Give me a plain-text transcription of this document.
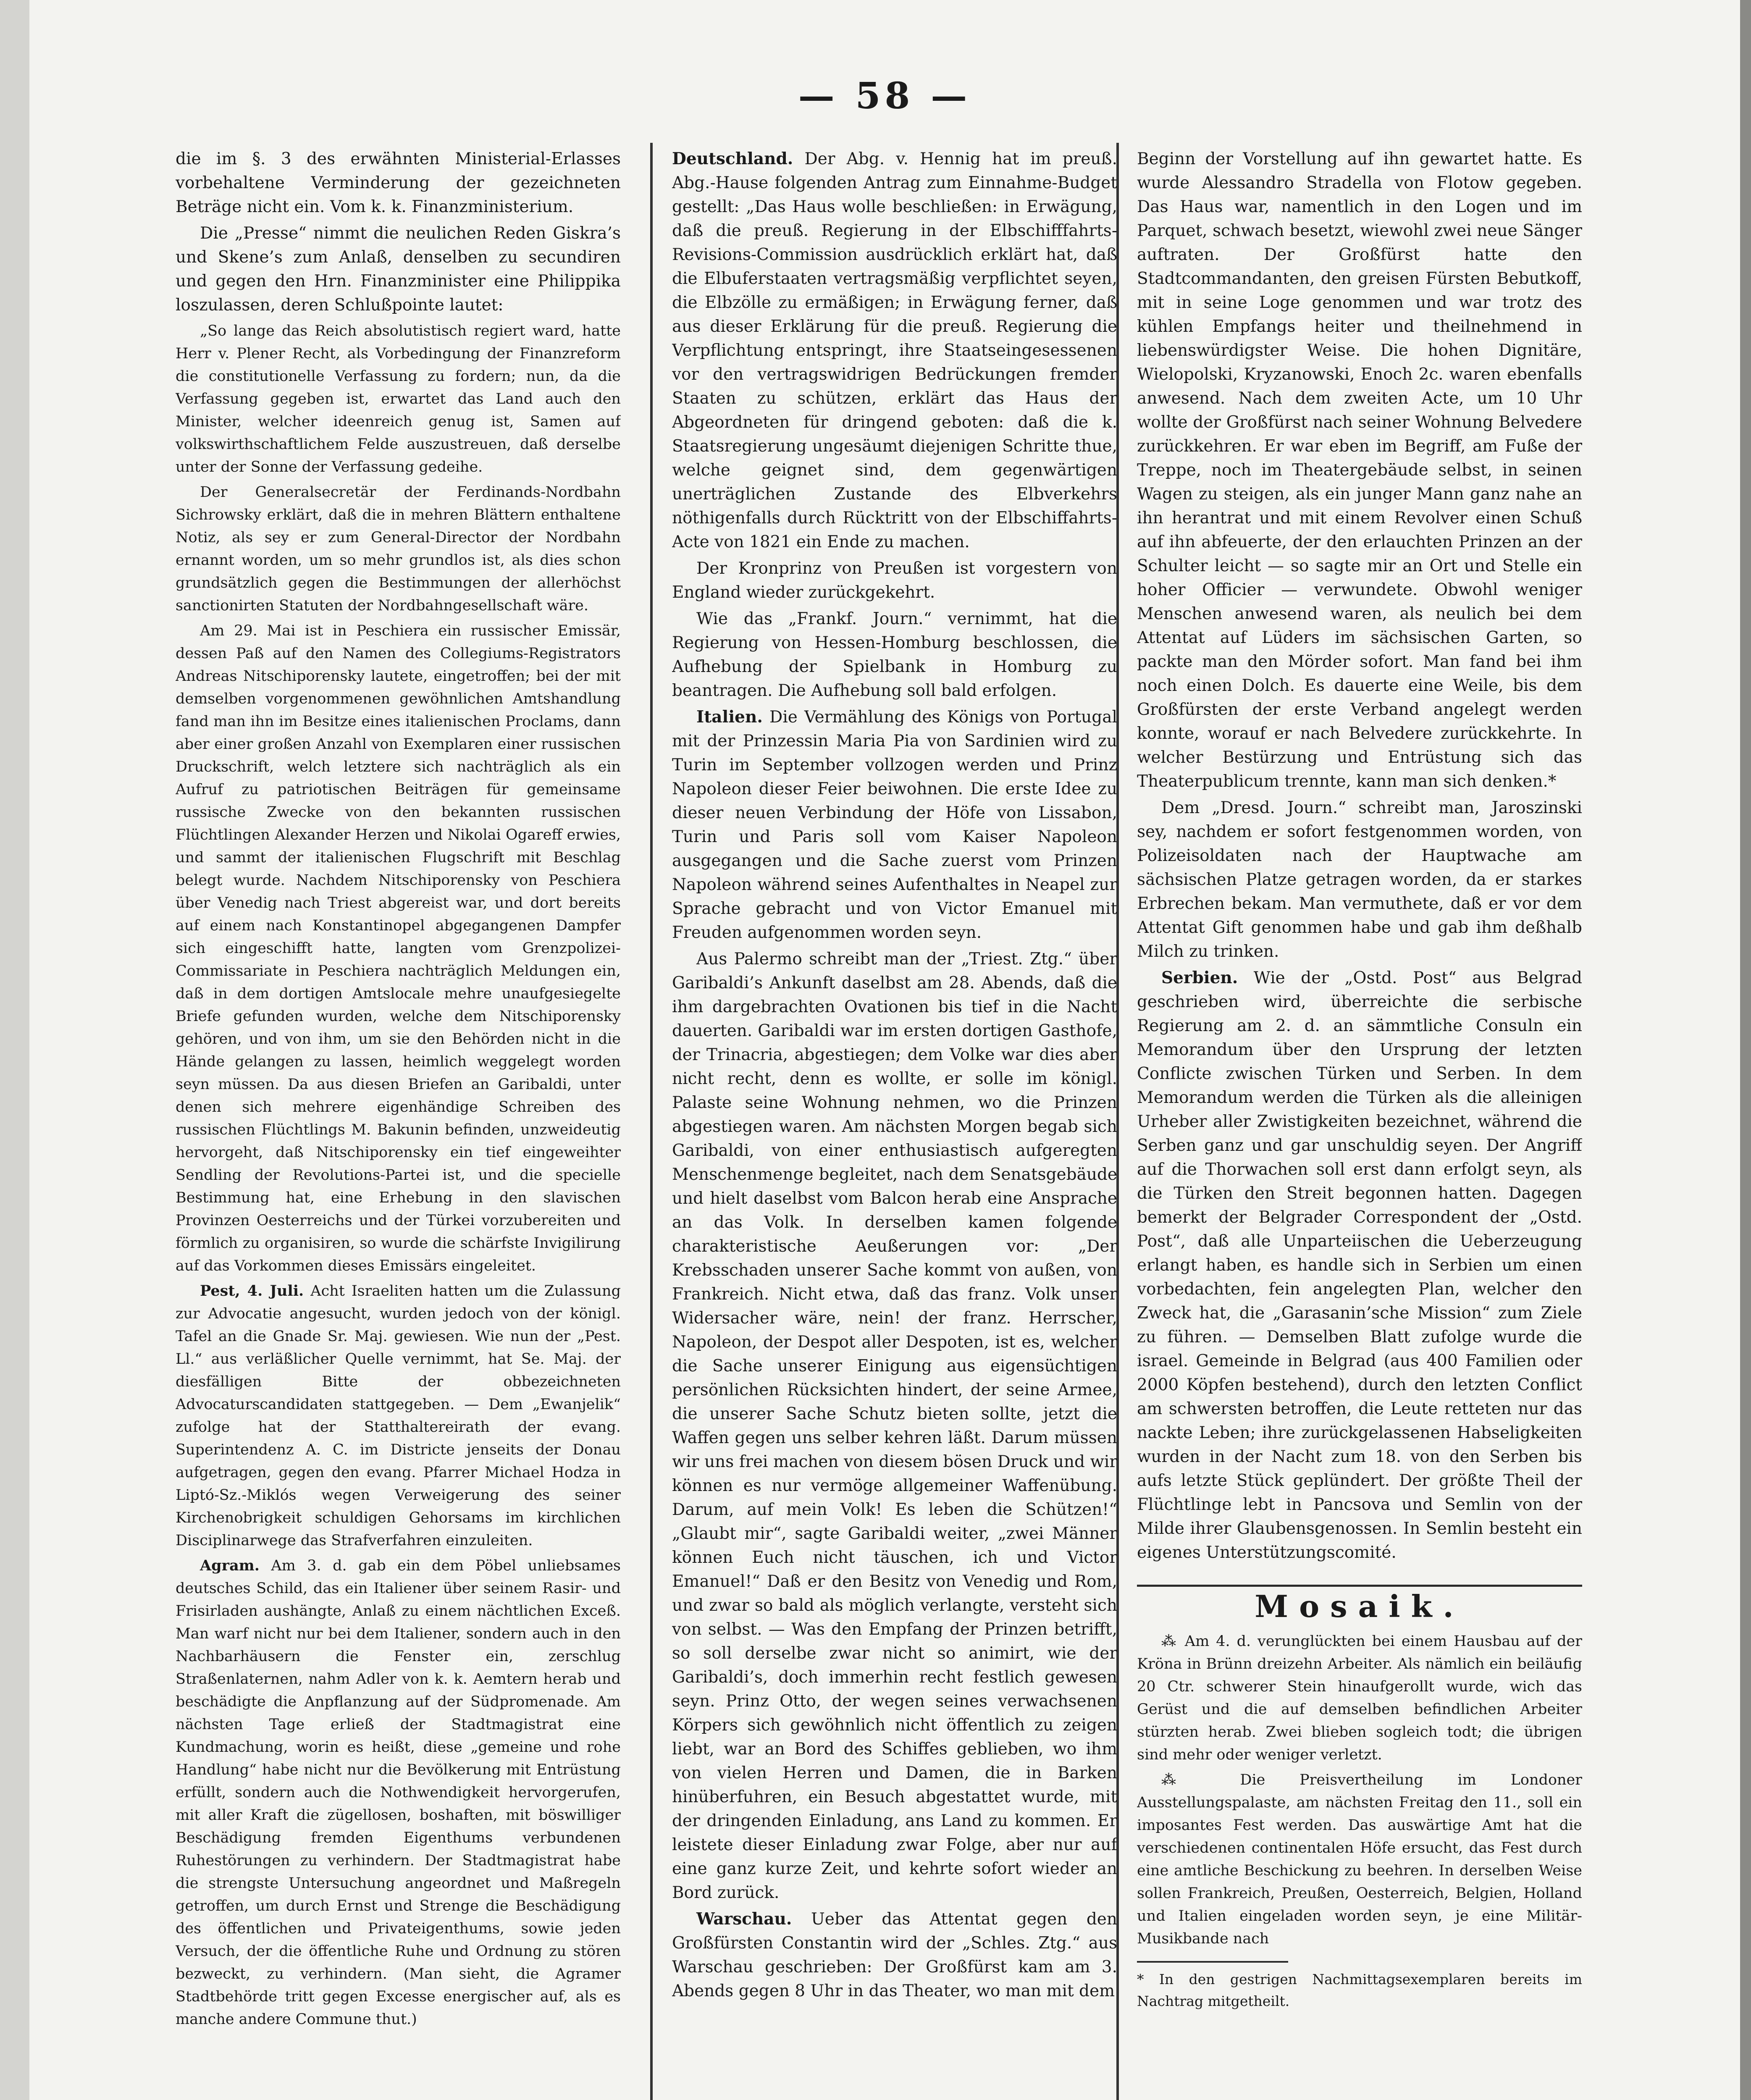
— 58 —

die im §. 3 des erwähnten Ministerial-Erlasses vorbehaltene Verminderung der gezeichneten Beträge nicht ein. Vom k. k. Finanzministerium.

Die „Presse“ nimmt die neulichen Reden Giskra’s und Skene’s zum Anlaß, denselben zu secundiren und gegen den Hrn. Finanzminister eine Philippika loszulassen, deren Schlußpointe lautet:

„So lange das Reich absolutistisch regiert ward, hatte Herr v. Plener Recht, als Vorbedingung der Finanzreform die constitutionelle Verfassung zu fordern; nun, da die Verfassung gegeben ist, erwartet das Land auch den Minister, welcher ideenreich genug ist, Samen auf volkswirthschaftlichem Felde auszustreuen, daß derselbe unter der Sonne der Verfassung gedeihe.

Der Generalsecretär der Ferdinands-Nordbahn Sichrowsky erklärt, daß die in mehren Blättern enthaltene Notiz, als sey er zum General-Director der Nordbahn ernannt worden, um so mehr grundlos ist, als dies schon grundsätzlich gegen die Bestimmungen der allerhöchst sanctionirten Statuten der Nordbahngesellschaft wäre.

Am 29. Mai ist in Peschiera ein russischer Emissär, dessen Paß auf den Namen des Collegiums-Registrators Andreas Nitschiporensky lautete, eingetroffen; bei der mit demselben vorgenommenen gewöhnlichen Amtshandlung fand man ihn im Besitze eines italienischen Proclams, dann aber einer großen Anzahl von Exemplaren einer russischen Druckschrift, welch letztere sich nachträglich als ein Aufruf zu patriotischen Beiträgen für gemeinsame russische Zwecke von den bekannten russischen Flüchtlingen Alexander Herzen und Nikolai Ogareff erwies, und sammt der italienischen Flugschrift mit Beschlag belegt wurde. Nachdem Nitschiporensky von Peschiera über Venedig nach Triest abgereist war, und dort bereits auf einem nach Konstantinopel abgegangenen Dampfer sich eingeschifft hatte, langten vom Grenzpolizei-Commissariate in Peschiera nachträglich Meldungen ein, daß in dem dortigen Amtslocale mehre unaufgesiegelte Briefe gefunden wurden, welche dem Nitschiporensky gehören, und von ihm, um sie den Behörden nicht in die Hände gelangen zu lassen, heimlich weggelegt worden seyn müssen. Da aus diesen Briefen an Garibaldi, unter denen sich mehrere eigenhändige Schreiben des russischen Flüchtlings M. Bakunin befinden, unzweideutig hervorgeht, daß Nitschiporensky ein tief eingeweihter Sendling der Revolutions-Partei ist, und die specielle Bestimmung hat, eine Erhebung in den slavischen Provinzen Oesterreichs und der Türkei vorzubereiten und förmlich zu organisiren, so wurde die schärfste Invigilirung auf das Vorkommen dieses Emissärs eingeleitet.

Pest, 4. Juli. Acht Israeliten hatten um die Zulassung zur Advocatie angesucht, wurden jedoch von der königl. Tafel an die Gnade Sr. Maj. gewiesen. Wie nun der „Pest. Ll.“ aus verläßlicher Quelle vernimmt, hat Se. Maj. der diesfälligen Bitte der obbezeichneten Advocaturscandidaten stattgegeben. — Dem „Ewanjelik“ zufolge hat der Statthaltereirath der evang. Superintendenz A. C. im Districte jenseits der Donau aufgetragen, gegen den evang. Pfarrer Michael Hodza in Liptó-Sz.-Miklós wegen Verweigerung des seiner Kirchenobrigkeit schuldigen Gehorsams im kirchlichen Disciplinarwege das Strafverfahren einzuleiten.

Agram. Am 3. d. gab ein dem Pöbel unliebsames deutsches Schild, das ein Italiener über seinem Rasir- und Frisirladen aushängte, Anlaß zu einem nächtlichen Exceß. Man warf nicht nur bei dem Italiener, sondern auch in den Nachbarhäusern die Fenster ein, zerschlug Straßenlaternen, nahm Adler von k. k. Aemtern herab und beschädigte die Anpflanzung auf der Südpromenade. Am nächsten Tage erließ der Stadtmagistrat eine Kundmachung, worin es heißt, diese „gemeine und rohe Handlung“ habe nicht nur die Bevölkerung mit Entrüstung erfüllt, sondern auch die Nothwendigkeit hervorgerufen, mit aller Kraft die zügellosen, boshaften, mit böswilliger Beschädigung fremden Eigenthums verbundenen Ruhestörungen zu verhindern. Der Stadtmagistrat habe die strengste Untersuchung angeordnet und Maßregeln getroffen, um durch Ernst und Strenge die Beschädigung des öffentlichen und Privateigenthums, sowie jeden Versuch, der die öffentliche Ruhe und Ordnung zu stören bezweckt, zu verhindern. (Man sieht, die Agramer Stadtbehörde tritt gegen Excesse energischer auf, als es manche andere Commune thut.)

Deutschland. Der Abg. v. Hennig hat im preuß. Abg.-Hause folgenden Antrag zum Einnahme-Budget gestellt: „Das Haus wolle beschließen: in Erwägung, daß die preuß. Regierung in der Elbschifffahrts-Revisions-Commission ausdrücklich erklärt hat, daß die Elbuferstaaten vertragsmäßig verpflichtet seyen, die Elbzölle zu ermäßigen; in Erwägung ferner, daß aus dieser Erklärung für die preuß. Regierung die Verpflichtung entspringt, ihre Staatseingesessenen vor den vertragswidrigen Bedrückungen fremder Staaten zu schützen, erklärt das Haus der Abgeordneten für dringend geboten: daß die k. Staatsregierung ungesäumt diejenigen Schritte thue, welche geignet sind, dem gegenwärtigen unerträglichen Zustande des Elbverkehrs nöthigenfalls durch Rücktritt von der Elbschiffahrts-Acte von 1821 ein Ende zu machen.

Der Kronprinz von Preußen ist vorgestern von England wieder zurückgekehrt.

Wie das „Frankf. Journ.“ vernimmt, hat die Regierung von Hessen-Homburg beschlossen, die Aufhebung der Spielbank in Homburg zu beantragen. Die Aufhebung soll bald erfolgen.

Italien. Die Vermählung des Königs von Portugal mit der Prinzessin Maria Pia von Sardinien wird zu Turin im September vollzogen werden und Prinz Napoleon dieser Feier beiwohnen. Die erste Idee zu dieser neuen Verbindung der Höfe von Lissabon, Turin und Paris soll vom Kaiser Napoleon ausgegangen und die Sache zuerst vom Prinzen Napoleon während seines Aufenthaltes in Neapel zur Sprache gebracht und von Victor Emanuel mit Freuden aufgenommen worden seyn.

Aus Palermo schreibt man der „Triest. Ztg.“ über Garibaldi’s Ankunft daselbst am 28. Abends, daß die ihm dargebrachten Ovationen bis tief in die Nacht dauerten. Garibaldi war im ersten dortigen Gasthofe, der Trinacria, abgestiegen; dem Volke war dies aber nicht recht, denn es wollte, er solle im königl. Palaste seine Wohnung nehmen, wo die Prinzen abgestiegen waren. Am nächsten Morgen begab sich Garibaldi, von einer enthusiastisch aufgeregten Menschenmenge begleitet, nach dem Senatsgebäude und hielt daselbst vom Balcon herab eine Ansprache an das Volk. In derselben kamen folgende charakteristische Aeußerungen vor: „Der Krebsschaden unserer Sache kommt von außen, von Frankreich. Nicht etwa, daß das franz. Volk unser Widersacher wäre, nein! der franz. Herrscher, Napoleon, der Despot aller Despoten, ist es, welcher die Sache unserer Einigung aus eigensüchtigen persönlichen Rücksichten hindert, der seine Armee, die unserer Sache Schutz bieten sollte, jetzt die Waffen gegen uns selber kehren läßt. Darum müssen wir uns frei machen von diesem bösen Druck und wir können es nur vermöge allgemeiner Waffenübung. Darum, auf mein Volk! Es leben die Schützen!“ „Glaubt mir“, sagte Garibaldi weiter, „zwei Männer können Euch nicht täuschen, ich und Victor Emanuel!“ Daß er den Besitz von Venedig und Rom, und zwar so bald als möglich verlangte, versteht sich von selbst. — Was den Empfang der Prinzen betrifft, so soll derselbe zwar nicht so animirt, wie der Garibaldi’s, doch immerhin recht festlich gewesen seyn. Prinz Otto, der wegen seines verwachsenen Körpers sich gewöhnlich nicht öffentlich zu zeigen liebt, war an Bord des Schiffes geblieben, wo ihm von vielen Herren und Damen, die in Barken hinüberfuhren, ein Besuch abgestattet wurde, mit der dringenden Einladung, ans Land zu kommen. Er leistete dieser Einladung zwar Folge, aber nur auf eine ganz kurze Zeit, und kehrte sofort wieder an Bord zurück.

Warschau. Ueber das Attentat gegen den Großfürsten Constantin wird der „Schles. Ztg.“ aus Warschau geschrieben: Der Großfürst kam am 3. Abends gegen 8 Uhr in das Theater, wo man mit dem

Beginn der Vorstellung auf ihn gewartet hatte. Es wurde Alessandro Stradella von Flotow gegeben. Das Haus war, namentlich in den Logen und im Parquet, schwach besetzt, wiewohl zwei neue Sänger auftraten. Der Großfürst hatte den Stadtcommandanten, den greisen Fürsten Bebutkoff, mit in seine Loge genommen und war trotz des kühlen Empfangs heiter und theilnehmend in liebenswürdigster Weise. Die hohen Dignitäre, Wielopolski, Kryzanowski, Enoch 2c. waren ebenfalls anwesend. Nach dem zweiten Acte, um 10 Uhr wollte der Großfürst nach seiner Wohnung Belvedere zurückkehren. Er war eben im Begriff, am Fuße der Treppe, noch im Theatergebäude selbst, in seinen Wagen zu steigen, als ein junger Mann ganz nahe an ihn herantrat und mit einem Revolver einen Schuß auf ihn abfeuerte, der den erlauchten Prinzen an der Schulter leicht — so sagte mir an Ort und Stelle ein hoher Officier — verwundete. Obwohl weniger Menschen anwesend waren, als neulich bei dem Attentat auf Lüders im sächsischen Garten, so packte man den Mörder sofort. Man fand bei ihm noch einen Dolch. Es dauerte eine Weile, bis dem Großfürsten der erste Verband angelegt werden konnte, worauf er nach Belvedere zurückkehrte. In welcher Bestürzung und Entrüstung sich das Theaterpublicum trennte, kann man sich denken.*

Dem „Dresd. Journ.“ schreibt man, Jaroszinski sey, nachdem er sofort festgenommen worden, von Polizeisoldaten nach der Hauptwache am sächsischen Platze getragen worden, da er starkes Erbrechen bekam. Man vermuthete, daß er vor dem Attentat Gift genommen habe und gab ihm deßhalb Milch zu trinken.

Serbien. Wie der „Ostd. Post“ aus Belgrad geschrieben wird, überreichte die serbische Regierung am 2. d. an sämmtliche Consuln ein Memorandum über den Ursprung der letzten Conflicte zwischen Türken und Serben. In dem Memorandum werden die Türken als die alleinigen Urheber aller Zwistigkeiten bezeichnet, während die Serben ganz und gar unschuldig seyen. Der Angriff auf die Thorwachen soll erst dann erfolgt seyn, als die Türken den Streit begonnen hatten. Dagegen bemerkt der Belgrader Correspondent der „Ostd. Post“, daß alle Unparteiischen die Ueberzeugung erlangt haben, es handle sich in Serbien um einen vorbedachten, fein angelegten Plan, welcher den Zweck hat, die „Garasanin’sche Mission“ zum Ziele zu führen. — Demselben Blatt zufolge wurde die israel. Gemeinde in Belgrad (aus 400 Familien oder 2000 Köpfen bestehend), durch den letzten Conflict am schwersten betroffen, die Leute retteten nur das nackte Leben; ihre zurückgelassenen Habseligkeiten wurden in der Nacht zum 18. von den Serben bis aufs letzte Stück geplündert. Der größte Theil der Flüchtlinge lebt in Pancsova und Semlin von der Milde ihrer Glaubensgenossen. In Semlin besteht ein eigenes Unterstützungscomité.

Mosaik.

⁂ Am 4. d. verunglückten bei einem Hausbau auf der Kröna in Brünn dreizehn Arbeiter. Als nämlich ein beiläufig 20 Ctr. schwerer Stein hinaufgerollt wurde, wich das Gerüst und die auf demselben befindlichen Arbeiter stürzten herab. Zwei blieben sogleich todt; die übrigen sind mehr oder weniger verletzt.

⁂ Die Preisvertheilung im Londoner Ausstellungspalaste, am nächsten Freitag den 11., soll ein imposantes Fest werden. Das auswärtige Amt hat die verschiedenen continentalen Höfe ersucht, das Fest durch eine amtliche Beschickung zu beehren. In derselben Weise sollen Frankreich, Preußen, Oesterreich, Belgien, Holland und Italien eingeladen worden seyn, je eine Militär-Musikbande nach

* In den gestrigen Nachmittagsexemplaren bereits im Nachtrag mitgetheilt.
